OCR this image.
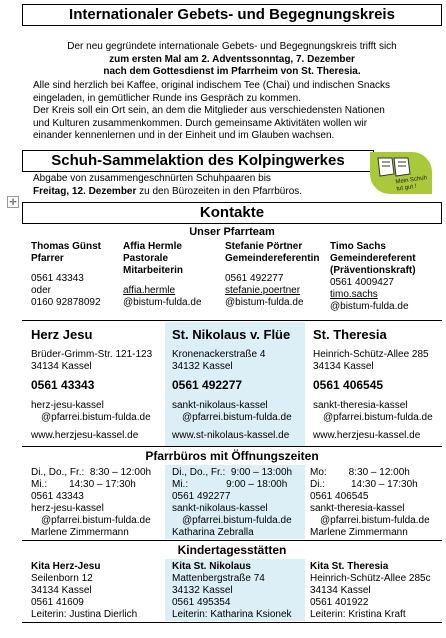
Internationaler Gebets- und Begegnungskreis
Der neu gegründete internationale Gebets- und Begegnungskreis trifft sich
zum ersten Mal am 2. Adventssonntag, 7. Dezember
nach dem Gottesdienst im Pfarrheim von St. Theresia.
Alle sind herzlich bei Kaffee, original indischem Tee (Chai) und indischen Snacks
eingeladen, in gemütlicher Runde ins Gespräch zu kommen.
Der Kreis soll ein Ort sein, an dem die Mitglieder aus verschiedensten Nationen
und Kulturen zusammenkommen. Durch gemeinsame Aktivitäten wollen wir
einander kennenlernen und in der Einheit und im Glauben wachsen.
Schuh-Sammelaktion des Kolpingwerkes
Abgabe von zusammengeschnürten Schuhpaaren bis
Freitag, 12. Dezember zu den Bürozeiten in den Pfarrbüros.
✛
Mein Schuh
tut gut !
Kontakte
Unser Pfarrteam
Thomas Günst
Pfarrer
0561 43343
oder
0160 92878092
Affia Hermle
Pastorale
Mitarbeiterin
affia.hermle
@bistum-fulda.de
Stefanie Pörtner
Gemeindereferentin
0561 492277
stefanie.poertner
@bistum-fulda.de
Timo Sachs
Gemeindereferent
(Präventionskraft)
0561 4009427
timo.sachs
@bistum-fulda.de
Herz Jesu
Brüder-Grimm-Str. 121-123
34134 Kassel
0561 43343
herz-jesu-kassel
@pfarrei.bistum-fulda.de
www.herzjesu-kassel.de
St. Nikolaus v. Flüe
Kronenackerstraße 4
34132 Kassel
0561 492277
sankt-nikolaus-kassel
@pfarrei.bistum-fulda.de
www.st-nikolaus-kassel.de
St. Theresia
Heinrich-Schütz-Allee 285
34134 Kassel
0561 406545
sankt-theresia-kassel
@pfarrei.bistum-fulda.de
www.herzjesu-kassel.de
Pfarrbüros mit Öffnungszeiten
Di., Do., Fr.: 8:30 – 12:00h
Mi.: 14:30 – 17:30h
0561 43343
herz-jesu-kassel
@pfarrei.bistum-fulda.de
Marlene Zimmermann
Di., Do., Fr.: 9:00 – 13:00h
Mi.:	9:00 – 18:00h
0561 492277
sankt-nikolaus-kassel
@pfarrei.bistum-fulda.de
Katharina Zebralla
Mo: 8:30 – 12:00h
Di.:	14:30 – 17:30h
0561 406545
sankt-theresia-kassel
@pfarrei.bistum-fulda.de
Marlene Zimmermann
Kindertagesstätten
Kita Herz-Jesu
Seilenborn 12
34134 Kassel
0561 41609
Leiterin: Justina Dierlich
Kita St. Nikolaus
Mattenbergstraße 74
34132 Kassel
0561 495354
Leiterin: Katharina Ksionek
Kita St. Theresia
Heinrich-Schütz-Allee 285c
34134 Kassel
0561 401922
Leiterin: Kristina Kraft
